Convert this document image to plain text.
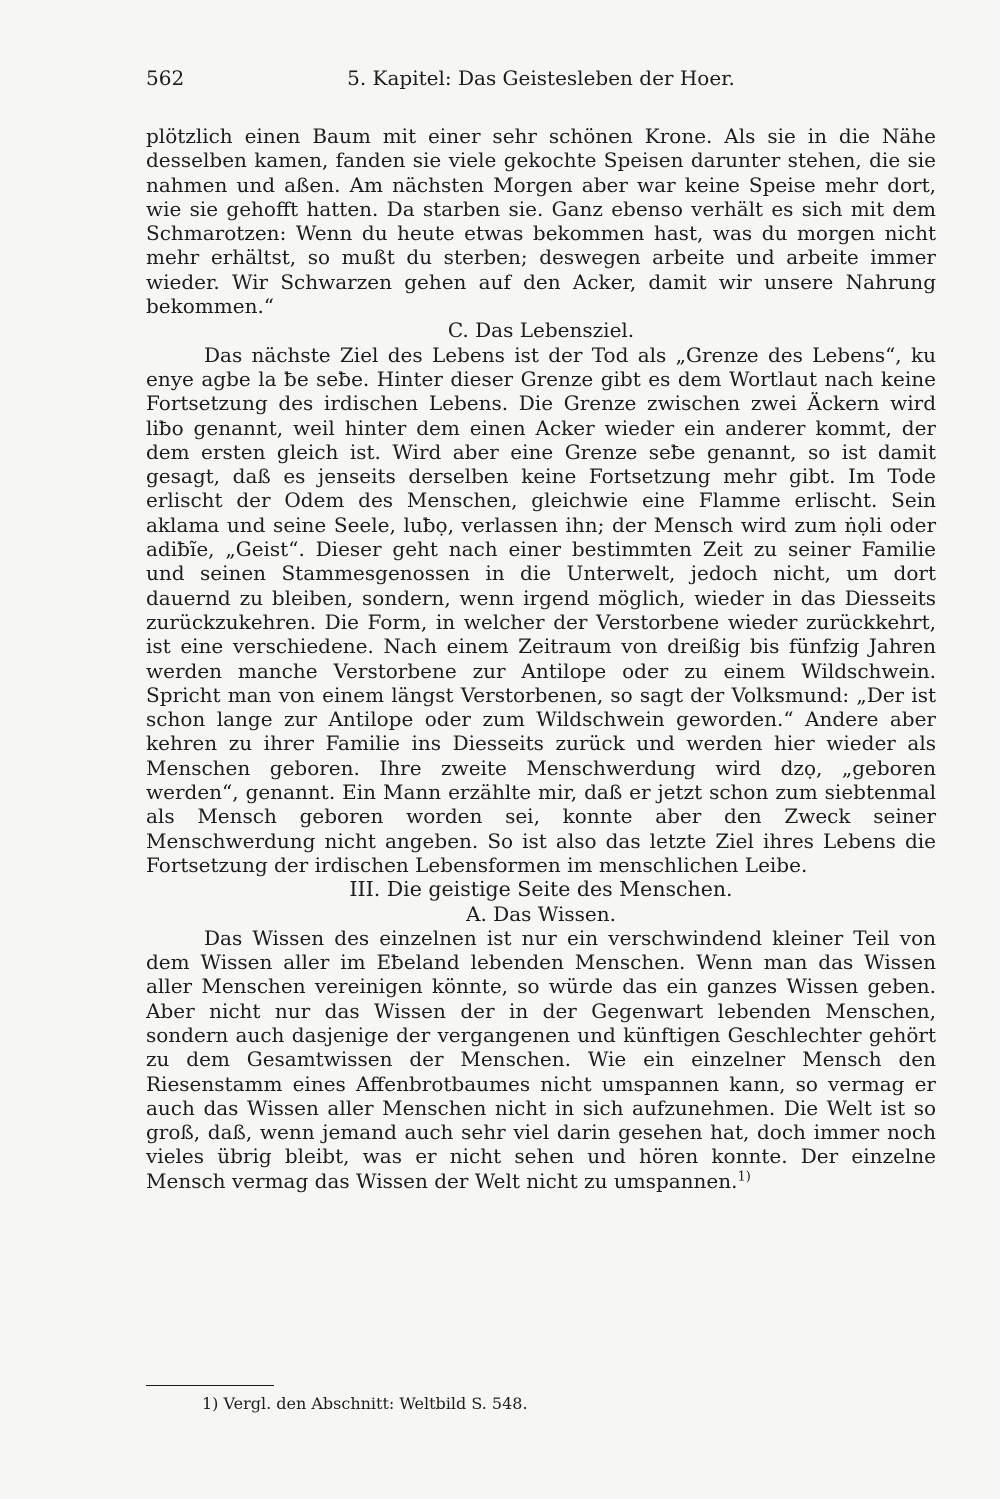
562	5. Kapitel: Das Geistesleben der Hoer.

plötzlich einen Baum mit einer sehr schönen Krone. Als sie in die Nähe desselben kamen, fanden sie viele gekochte Speisen darunter stehen, die sie nahmen und aßen. Am nächsten Morgen aber war keine Speise mehr dort, wie sie gehofft hatten. Da starben sie. Ganz ebenso verhält es sich mit dem Schmarotzen: Wenn du heute etwas bekommen hast, was du morgen nicht mehr erhältst, so mußt du sterben; deswegen arbeite und arbeite immer wieder. Wir Schwarzen gehen auf den Acker, damit wir unsere Nahrung bekommen.“

C. Das Lebensziel.

Das nächste Ziel des Lebens ist der Tod als „Grenze des Lebens“, ku enye agbe la ƀe seƀe. Hinter dieser Grenze gibt es dem Wortlaut nach keine Fortsetzung des irdischen Lebens. Die Grenze zwischen zwei Äckern wird liƀo genannt, weil hinter dem einen Acker wieder ein anderer kommt, der dem ersten gleich ist. Wird aber eine Grenze seƀe genannt, so ist damit gesagt, daß es jenseits derselben keine Fortsetzung mehr gibt. Im Tode erlischt der Odem des Menschen, gleichwie eine Flamme erlischt. Sein aklama und seine Seele, luƀọ, verlassen ihn; der Mensch wird zum ṅọli oder adiƀĩe, „Geist“. Dieser geht nach einer bestimmten Zeit zu seiner Familie und seinen Stammesgenossen in die Unterwelt, jedoch nicht, um dort dauernd zu bleiben, sondern, wenn irgend möglich, wieder in das Diesseits zurückzukehren. Die Form, in welcher der Verstorbene wieder zurückkehrt, ist eine verschiedene. Nach einem Zeitraum von dreißig bis fünfzig Jahren werden manche Verstorbene zur Antilope oder zu einem Wildschwein. Spricht man von einem längst Verstorbenen, so sagt der Volksmund: „Der ist schon lange zur Antilope oder zum Wildschwein geworden.“ Andere aber kehren zu ihrer Familie ins Diesseits zurück und werden hier wieder als Menschen geboren. Ihre zweite Menschwerdung wird dzọ, „geboren werden“, genannt. Ein Mann erzählte mir, daß er jetzt schon zum siebtenmal als Mensch geboren worden sei, konnte aber den Zweck seiner Menschwerdung nicht angeben. So ist also das letzte Ziel ihres Lebens die Fortsetzung der irdischen Lebensformen im menschlichen Leibe.

III. Die geistige Seite des Menschen.

A. Das Wissen.

Das Wissen des einzelnen ist nur ein verschwindend kleiner Teil von dem Wissen aller im Eƀeland lebenden Menschen. Wenn man das Wissen aller Menschen vereinigen könnte, so würde das ein ganzes Wissen geben. Aber nicht nur das Wissen der in der Gegenwart lebenden Menschen, sondern auch dasjenige der vergangenen und künftigen Geschlechter gehört zu dem Gesamtwissen der Menschen. Wie ein einzelner Mensch den Riesenstamm eines Affenbrotbaumes nicht umspannen kann, so vermag er auch das Wissen aller Menschen nicht in sich aufzunehmen. Die Welt ist so groß, daß, wenn jemand auch sehr viel darin gesehen hat, doch immer noch vieles übrig bleibt, was er nicht sehen und hören konnte. Der einzelne Mensch vermag das Wissen der Welt nicht zu umspannen.$^{1)}$

1) Vergl. den Abschnitt: Weltbild S. 548.
